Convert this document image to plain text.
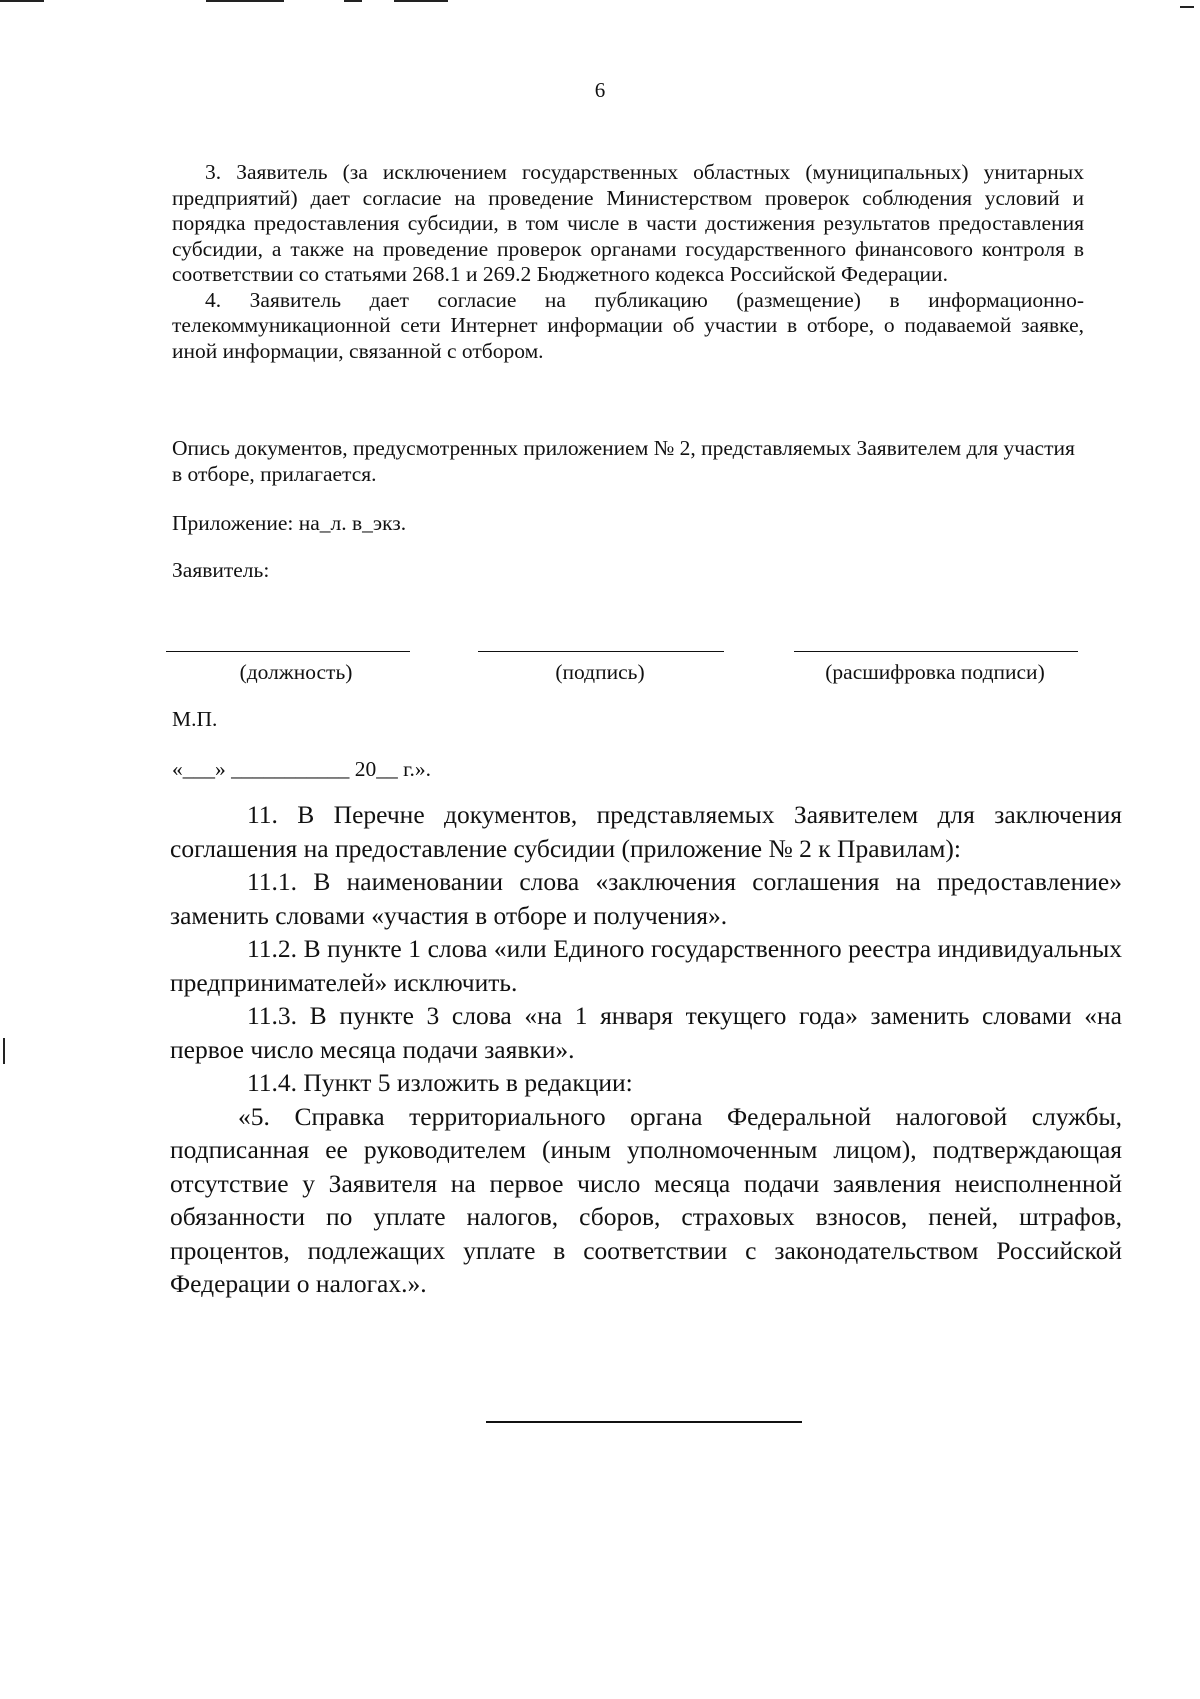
6

3. Заявитель (за исключением государственных областных (муниципальных) унитарных предприятий) дает согласие на проведение Министерством проверок соблюдения условий и порядка предоставления субсидии, в том числе в части достижения результатов предоставления субсидии, а также на проведение проверок органами государственного финансового контроля в соответствии со статьями 268.1 и 269.2 Бюджетного кодекса Российской Федерации.

4. Заявитель дает согласие на публикацию (размещение) в информационно-телекоммуникационной сети Интернет информации об участии в отборе, о подаваемой заявке, иной информации, связанной с отбором.

Опись документов, предусмотренных приложением № 2, представляемых Заявителем для участия в отборе, прилагается.

Приложение: на_л. в_экз.

Заявитель:

(должность)	(подпись)	(расшифровка подписи)

М.П.

«___» ___________ 20__ г.».

11. В Перечне документов, представляемых Заявителем для заключения соглашения на предоставление субсидии (приложение № 2 к Правилам):

11.1. В наименовании слова «заключения соглашения на предоставление» заменить словами «участия в отборе и получения».

11.2. В пункте 1 слова «или Единого государственного реестра индивидуальных предпринимателей» исключить.

11.3. В пункте 3 слова «на 1 января текущего года» заменить словами «на первое число месяца подачи заявки».

11.4. Пункт 5 изложить в редакции:

«5. Справка территориального органа Федеральной налоговой службы, подписанная ее руководителем (иным уполномоченным лицом), подтверждающая отсутствие у Заявителя на первое число месяца подачи заявления неисполненной обязанности по уплате налогов, сборов, страховых взносов, пеней, штрафов, процентов, подлежащих уплате в соответствии с законодательством Российской Федерации о налогах.».
